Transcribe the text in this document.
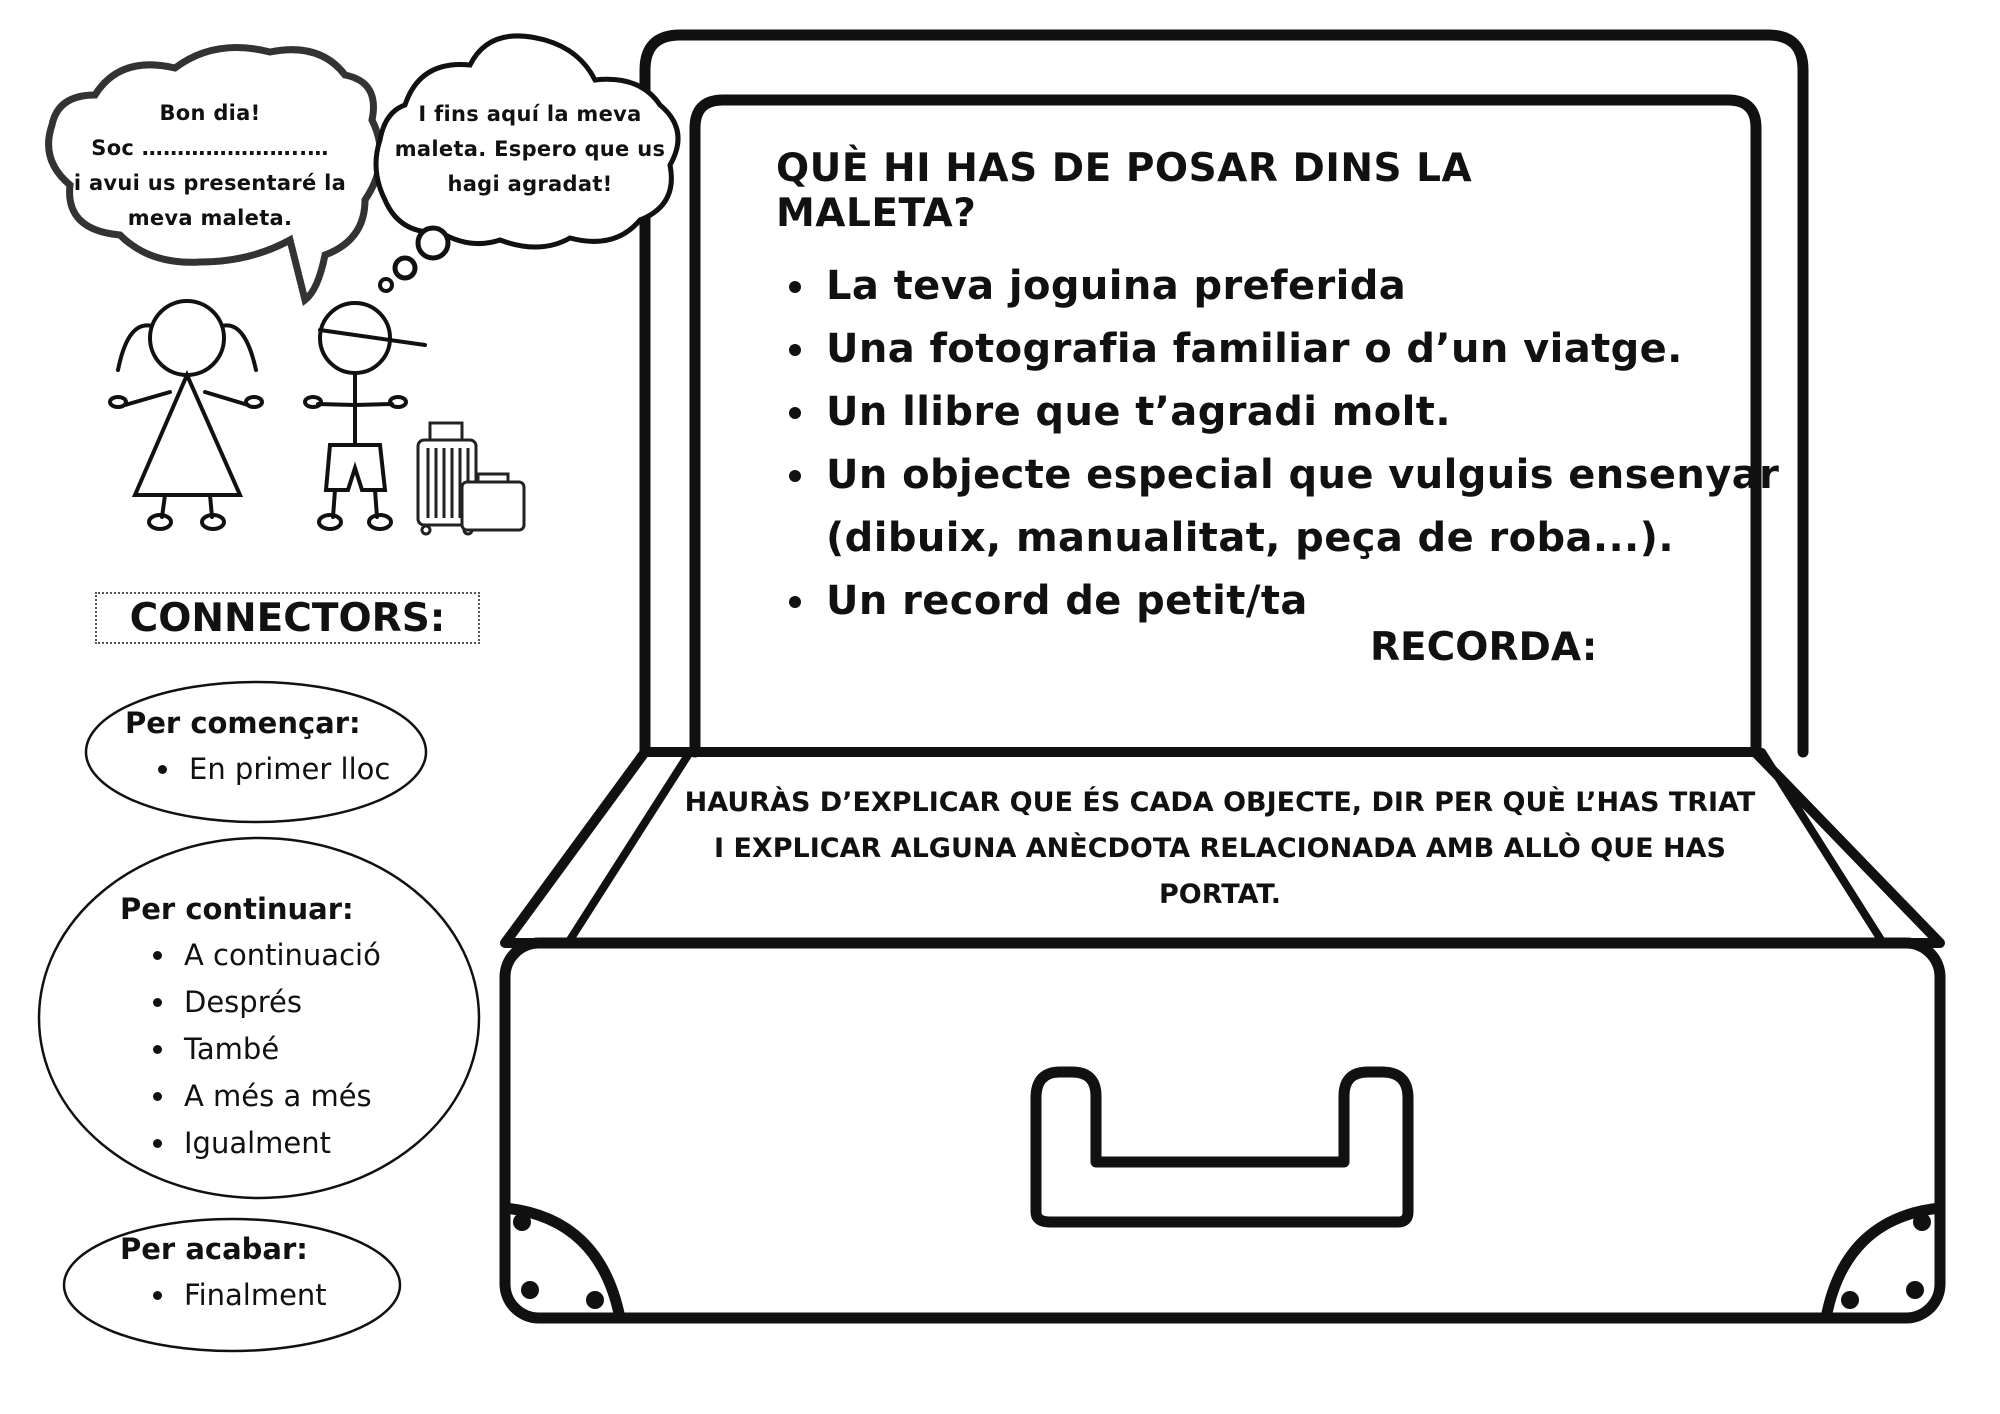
Bon dia!
Soc …………………..…
i avui us presentaré la
meva maleta.
I fins aquí la meva
maleta. Espero que us
hagi agradat!	QUÈ HI HAS DE POSAR DINS LA MALETA?
• La teva joguina preferida
• Una fotografia familiar o d’un viatge.
• Un llibre que t’agradi molt.
• Un objecte especial que vulguis ensenyar (dibuix, manualitat, peça de roba...).
• Un record de petit/ta

RECORDA:

HAURÀS D’EXPLICAR QUE ÉS CADA OBJECTE, DIR PER QUÈ L’HAS TRIAT I EXPLICAR ALGUNA ANÈCDOTA RELACIONADA AMB ALLÒ QUE HAS PORTAT.

CONNECTORS:

Per començar:

• En primer lloc

Per continuar:

• A continuació
• Després
• També
• A més a més
• Igualment

Per acabar:

• Finalment
